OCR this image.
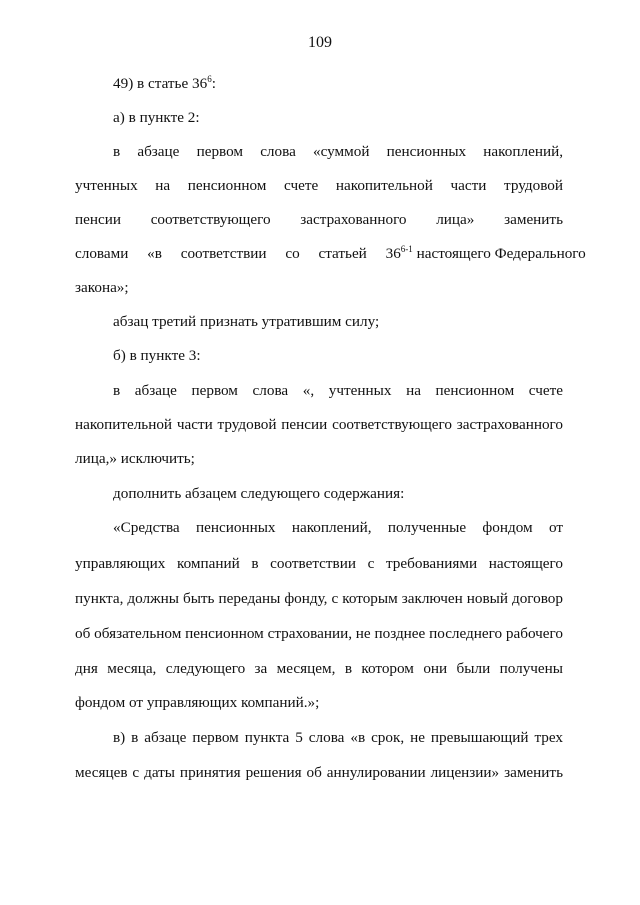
109
49) в статье $36^6$:
а) в пункте 2:
в абзаце первом слова «суммой пенсионных накоплений,
учтенных на пенсионном счете накопительной части трудовой
пенсии соответствующего застрахованного лица» заменить
словами «в соответствии со статьей 36$^{6-1}$ настоящего Федерального
закона»;
абзац третий признать утратившим силу;
б) в пункте 3:
в абзаце первом слова «, учтенных на пенсионном счете
накопительной части трудовой пенсии соответствующего застрахованного
лица,» исключить;
дополнить абзацем следующего содержания:
«Средства пенсионных накоплений, полученные фондом от
управляющих компаний в соответствии с требованиями настоящего
пункта, должны быть переданы фонду, с которым заключен новый договор
об обязательном пенсионном страховании, не позднее последнего рабочего
дня месяца, следующего за месяцем, в котором они были получены
фондом от управляющих компаний.»;
в) в абзаце первом пункта 5 слова «в срок, не превышающий трех
месяцев с даты принятия решения об аннулировании лицензии» заменить
